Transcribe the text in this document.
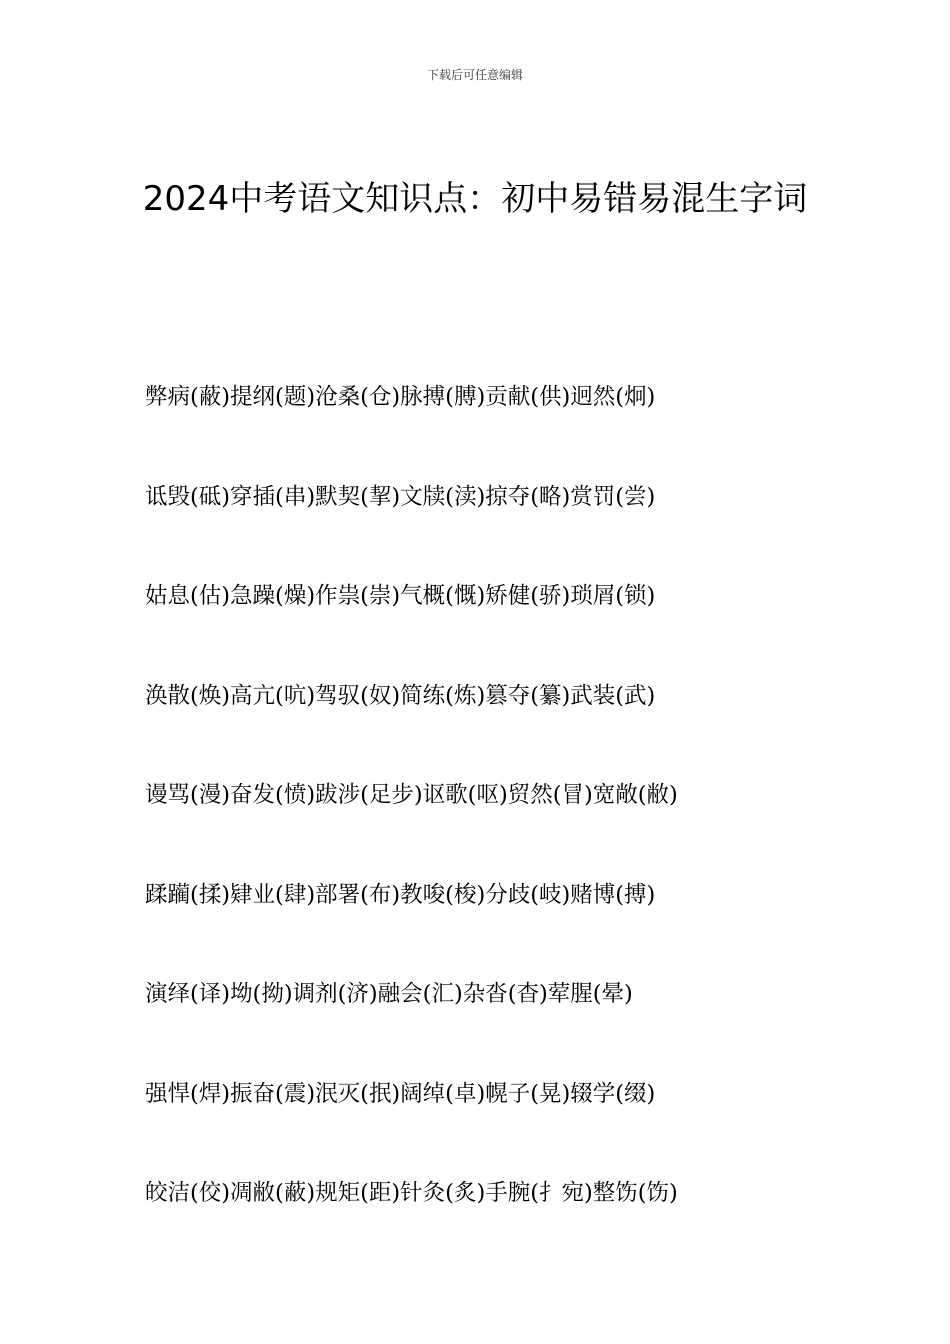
下载后可任意编辑
2024中考语文知识点：初中易错易混生字词
弊病(蔽)提纲(题)沧桑(仓)脉搏(膊)贡献(供)迥然(炯)
诋毁(砥)穿插(串)默契(挈)文牍(渎)掠夺(略)赏罚(尝)
姑息(估)急躁(燥)作祟(崇)气概(慨)矫健(骄)琐屑(锁)
涣散(焕)高亢(吭)驾驭(奴)简练(炼)篡夺(纂)武装(武)
谩骂(漫)奋发(愤)跋涉(足步)讴歌(呕)贸然(冒)宽敞(敝)
蹂躏(揉)肄业(肆)部署(布)教唆(梭)分歧(岐)赌博(搏)
演绎(译)坳(拗)调剂(济)融会(汇)杂沓(杳)荤腥(晕)
强悍(焊)振奋(震)泯灭(抿)阔绰(卓)幌子(晃)辍学(缀)
皎洁(佼)凋敝(蔽)规矩(距)针灸(炙)手腕(扌宛)整饬(饬)
